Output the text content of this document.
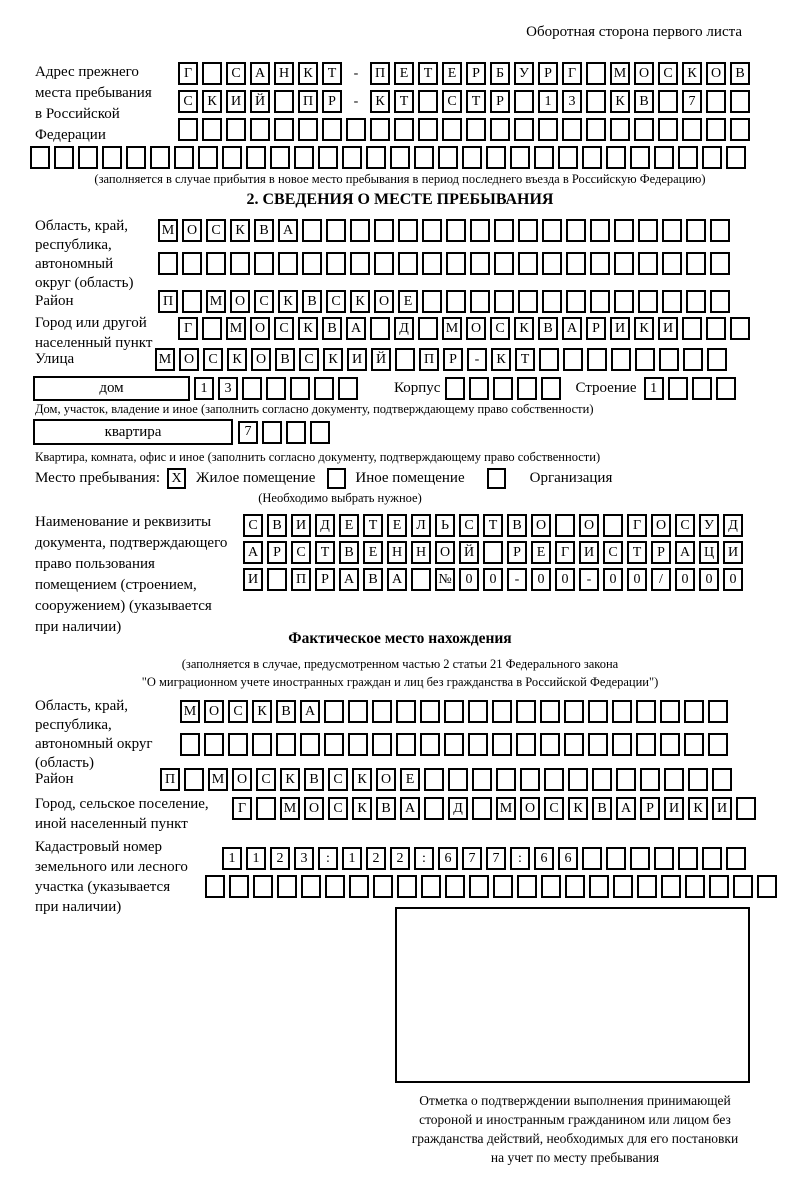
Оборотная сторона первого листа
Адрес прежнего
места пребывания
в Российской
Федерации
Г	С	А Н	К	Т	-	П	Е	Т	Е	Р	Б	У	Р	Г	М О	С	К	О	В
С	К	И Й	П	Р	-	К	Т	С	Т	Р	1	3	К	В	7
(заполняется в случае прибытия в новое место пребывания в период последнего въезда в Российскую Федерацию)
2. СВЕДЕНИЯ О МЕСТЕ ПРЕБЫВАНИЯ
Область, край,
республика,
автономный
округ (область)
М О	С	К	В	А
Район	П	М О	С	К	В	С	К	О	Е
Город или другой
населенный пункт
Г	М О	С	К	В	А	Д	М О	С	К	В	А	Р	И	К	И
Улица	М О	С	К	О	В	С	К	И Й	П	Р	-	К	Т
дом	1	3	Корпус	Строение 1
Дом, участок, владение и иное (заполнить согласно документу, подтверждающему право собственности)
квартира	7
Квартира, комната, офис и иное (заполнить согласно документу, подтверждающему право собственности)
Место пребывания: X Жилое помещение	Иное помещение	Организация
(Необходимо выбрать нужное)
Наименование и реквизиты
документа, подтверждающего
право пользования
помещением (строением,
сооружением) (указывается
при наличии)
С	В	И	Д	Е	Т	Е	Л	Ь	С	Т	В	О	О	Г	О	С	У	Д
А	Р	С	Т	В	Е	Н Н О Й	Р	Е	Г	И	С	Т	Р	А Ц И
И	П	Р	А	В	А	№ 0	0	-	0	0	-	0	0	/	0	0	0
Фактическое место нахождения
(заполняется в случае, предусмотренном частью 2 статьи 21 Федерального закона
"О миграционном учете иностранных граждан и лиц без гражданства в Российской Федерации")
Область, край,
республика,
автономный округ
(область)
М О	С	К	В	А
Район	П	М О	С	К	В	С	К	О	Е
Город, сельское поселение,
иной населенный пункт
Г	М О	С	К	В	А	Д	М О	С	К	В	А	Р	И	К	И
Кадастровый номер
земельного или лесного
участка (указывается
при наличии)
1	1	2	3	:	1	2	2	:	6	7	7	:	6	6
Отметка о подтверждении выполнения принимающей
стороной и иностранным гражданином или лицом без
гражданства действий, необходимых для его постановки
на учет по месту пребывания
